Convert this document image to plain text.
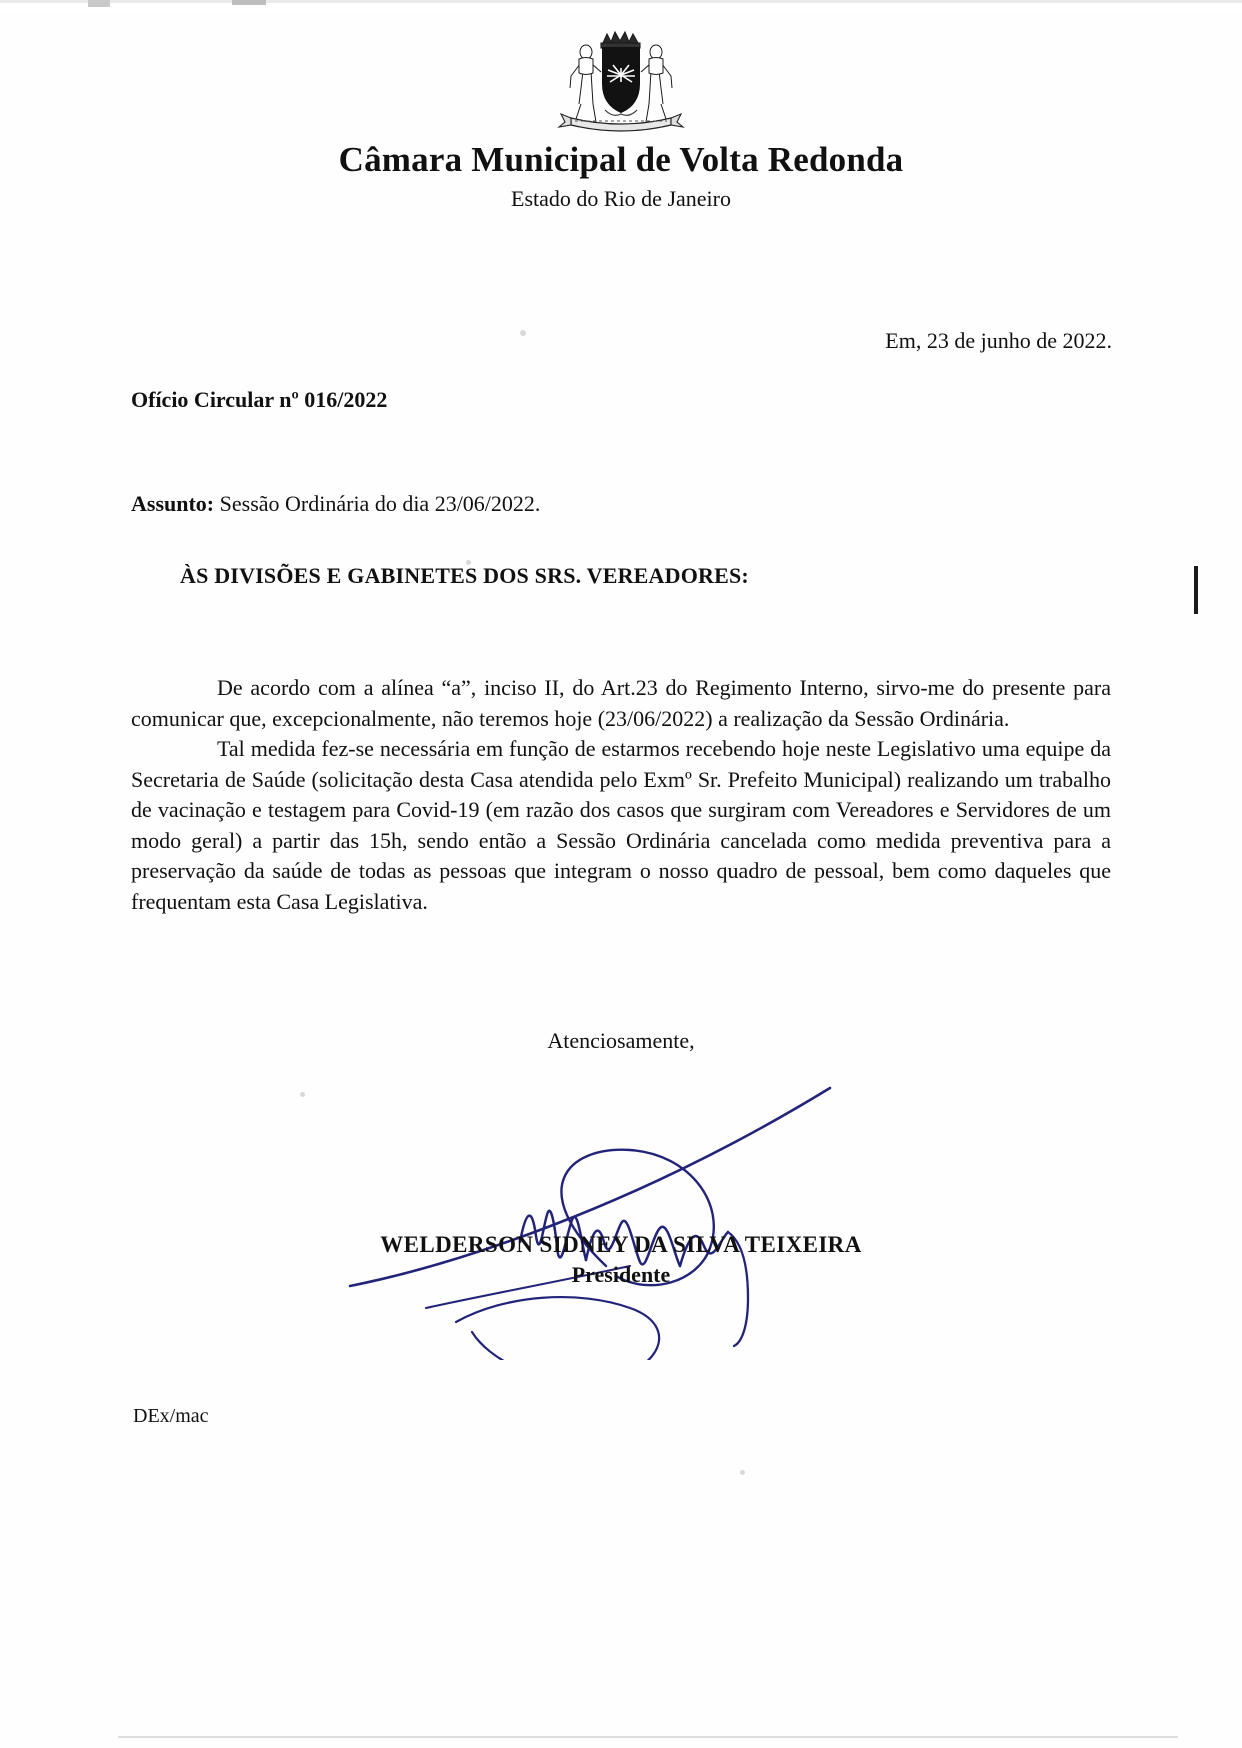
Câmara Municipal de Volta Redonda
Estado do Rio de Janeiro
Em, 23 de junho de 2022.
Ofício Circular nº 016/2022
Assunto: Sessão Ordinária do dia 23/06/2022.
ÀS DIVISÕES E GABINETES DOS SRS. VEREADORES:

De acordo com a alínea “a”, inciso II, do Art.23 do Regimento Interno, sirvo-me do presente para comunicar que, excepcionalmente, não teremos hoje (23/06/2022) a realização da Sessão Ordinária.

Tal medida fez-se necessária em função de estarmos recebendo hoje neste Legislativo uma equipe da Secretaria de Saúde (solicitação desta Casa atendida pelo Exmº Sr. Prefeito Municipal) realizando um trabalho de vacinação e testagem para Covid-19 (em razão dos casos que surgiram com Vereadores e Servidores de um modo geral) a partir das 15h, sendo então a Sessão Ordinária cancelada como medida preventiva para a preservação da saúde de todas as pessoas que integram o nosso quadro de pessoal, bem como daqueles que frequentam esta Casa Legislativa.

Atenciosamente,
WELDERSON SIDNEY DA SILVA TEIXEIRA
Presidente
DEx/mac
